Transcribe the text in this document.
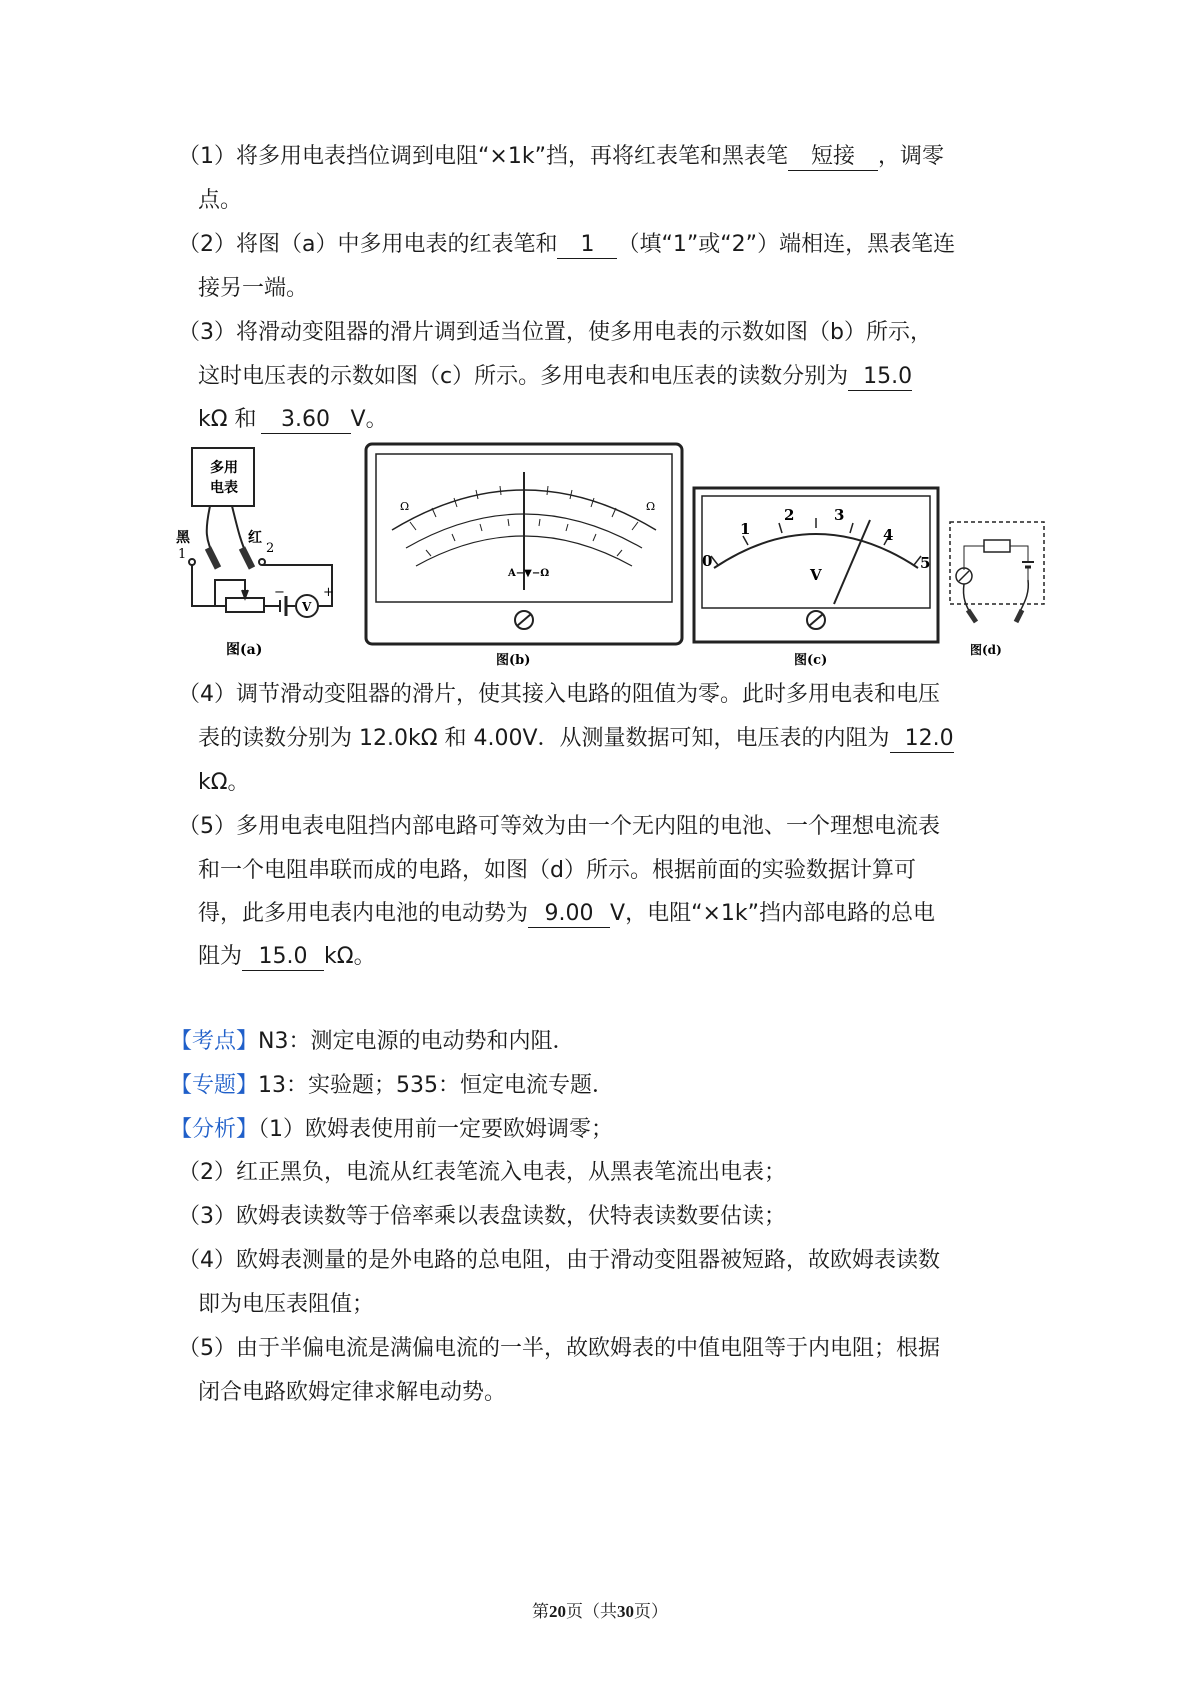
（1）将多用电表挡位调到电阻“×1k”挡，再将红表笔和黑表笔 短接 ，调零
点。
（2）将图（a）中多用电表的红表笔和 1 （填“1”或“2”）端相连，黑表笔连
接另一端。
（3）将滑动变阻器的滑片调到适当位置，使多用电表的示数如图（b）所示，
这时电压表的示数如图（c）所示。多用电表和电压表的读数分别为 15.0
kΩ 和 3.60 V。
多用
电表
黑
1
红
2
V
−	+
图(a)
Ω	Ω
A−▼−Ω
图(b)
0
1
2	3
4
5
V
图(c)
图(d)
（4）调节滑动变阻器的滑片，使其接入电路的阻值为零。此时多用电表和电压
表的读数分别为 12.0kΩ 和 4.00V．从测量数据可知，电压表的内阻为 12.0
kΩ。
（5）多用电表电阻挡内部电路可等效为由一个无内阻的电池、一个理想电流表
和一个电阻串联而成的电路，如图（d）所示。根据前面的实验数据计算可
得，此多用电表内电池的电动势为 9.00 V，电阻“×1k”挡内部电路的总电
阻为 15.0 kΩ。
【考点】N3：测定电源的电动势和内阻．
【专题】13：实验题；535：恒定电流专题．
【分析】（1）欧姆表使用前一定要欧姆调零；
（2）红正黑负，电流从红表笔流入电表，从黑表笔流出电表；
（3）欧姆表读数等于倍率乘以表盘读数，伏特表读数要估读；
（4）欧姆表测量的是外电路的总电阻，由于滑动变阻器被短路，故欧姆表读数
即为电压表阻值；
（5）由于半偏电流是满偏电流的一半，故欧姆表的中值电阻等于内电阻；根据
闭合电路欧姆定律求解电动势。
第20页（共30页）
